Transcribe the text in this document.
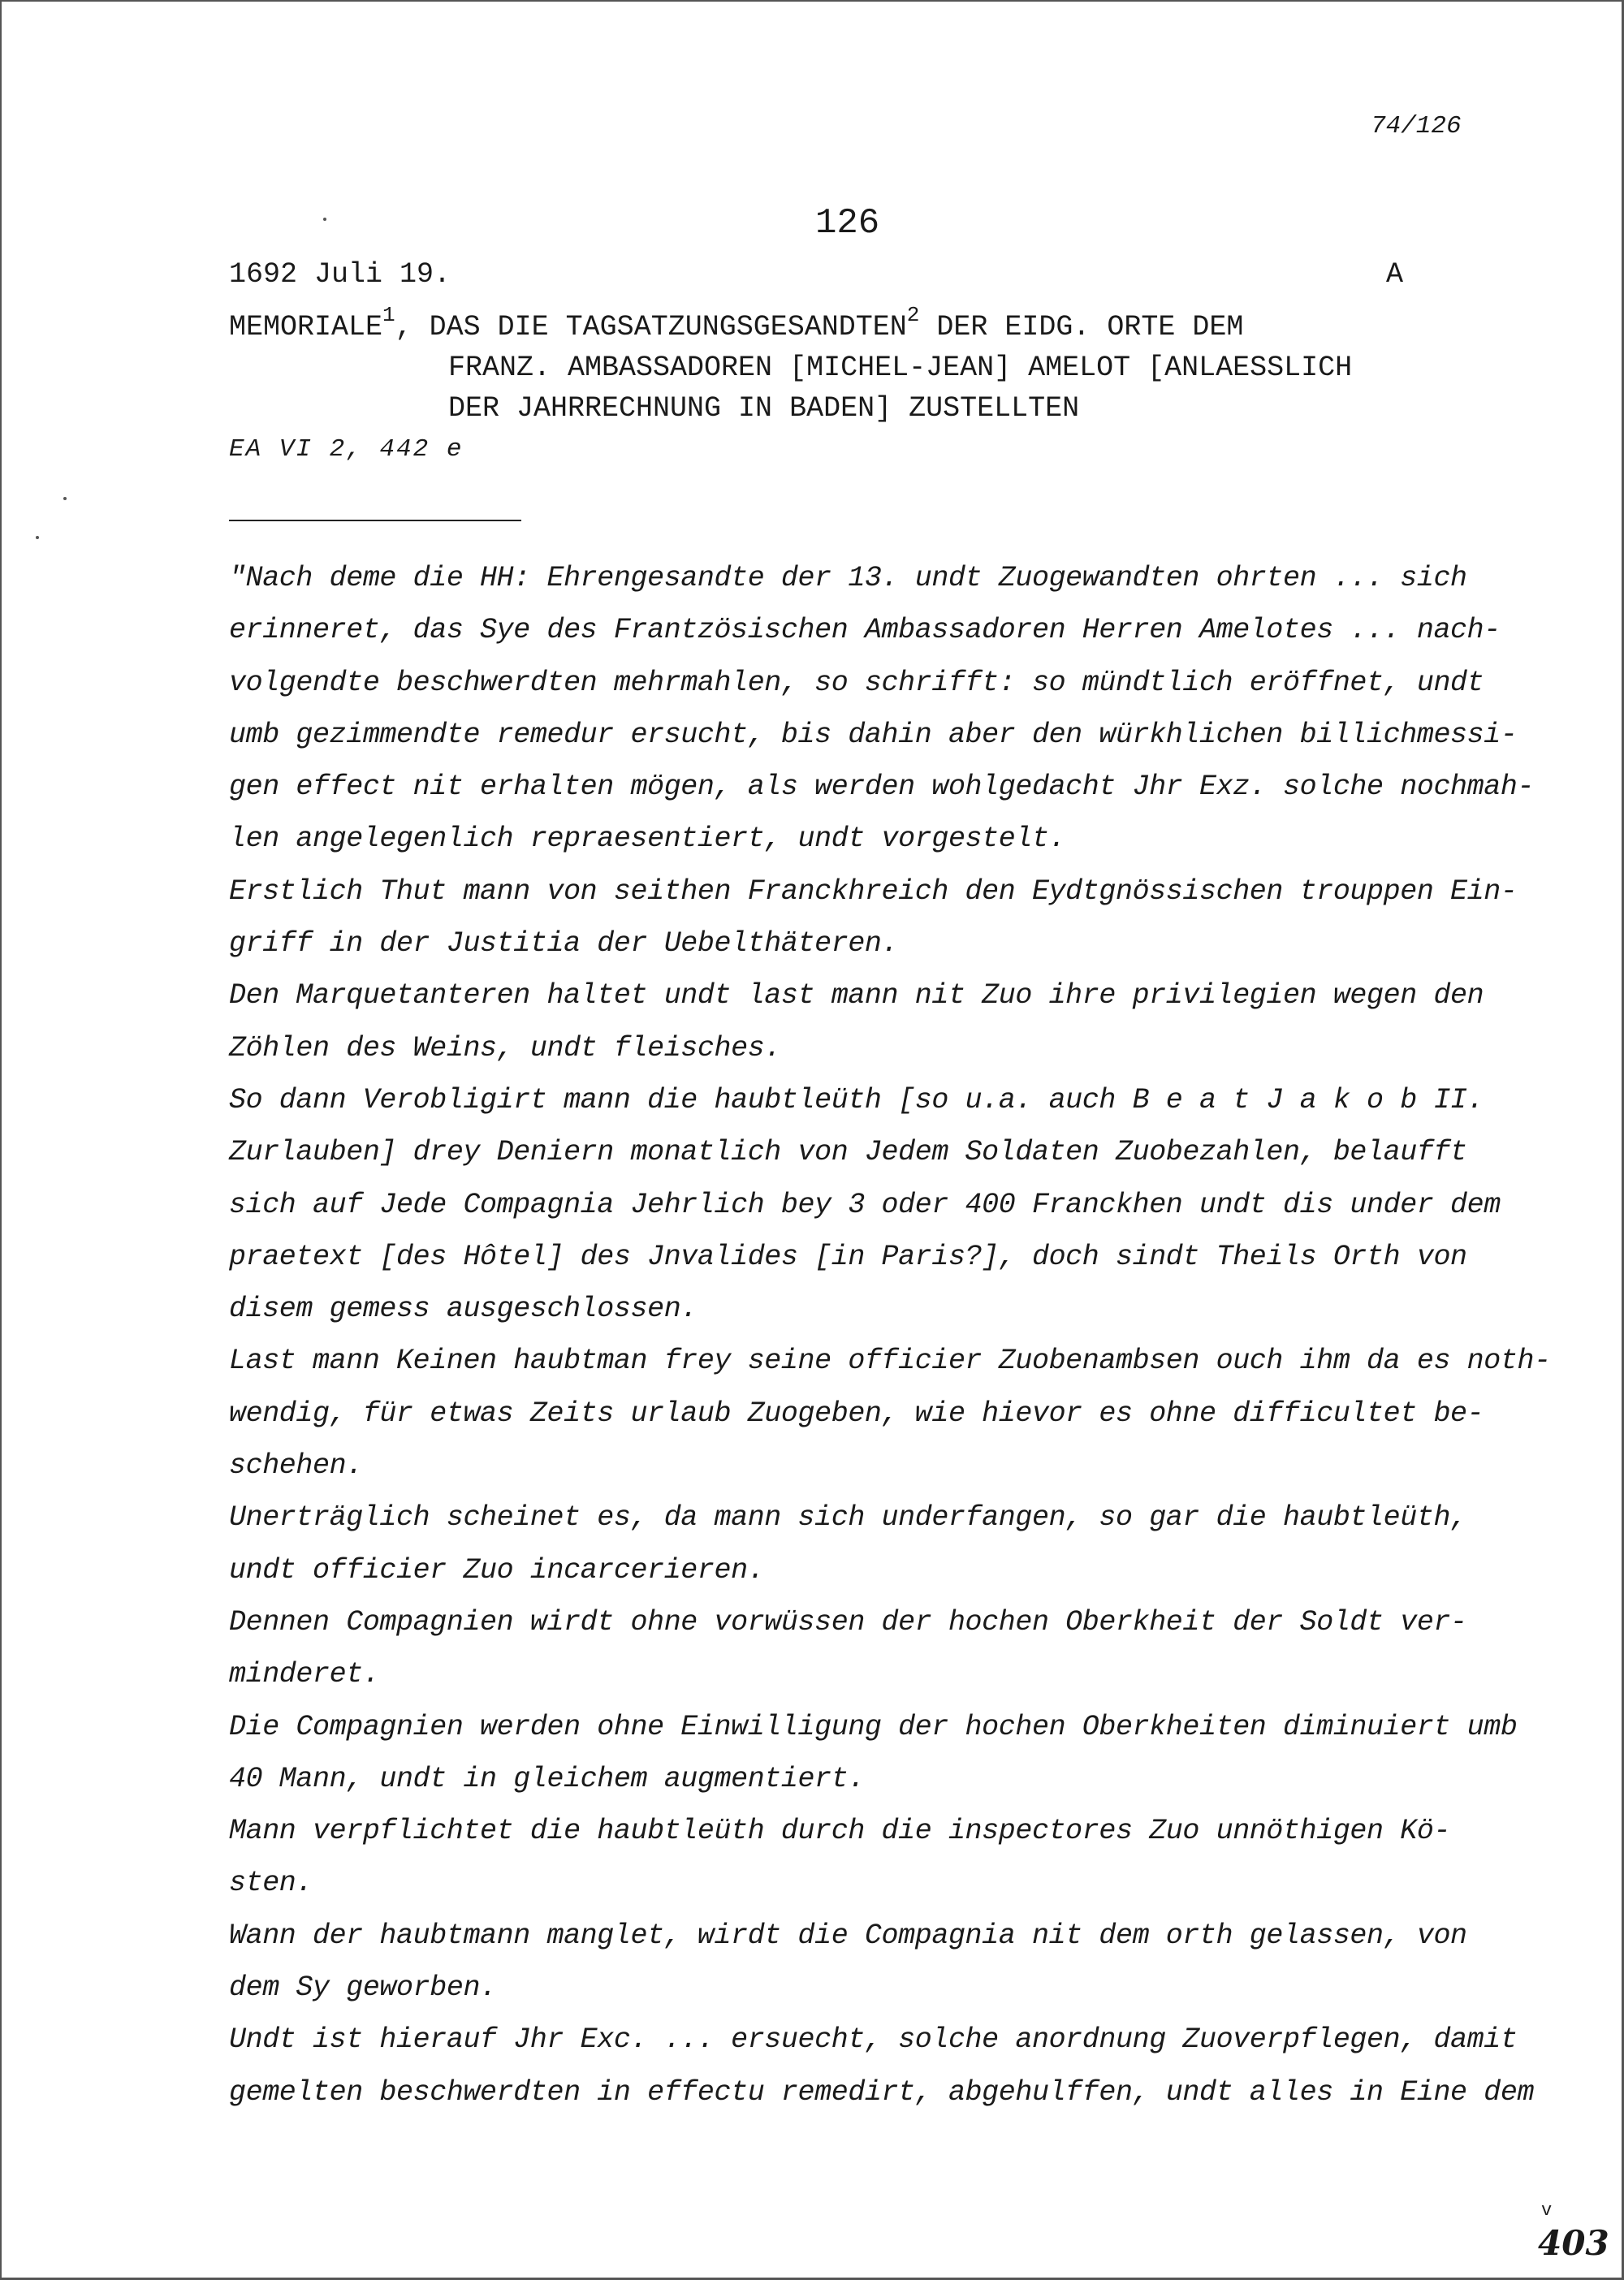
74/126
126
1692 Juli 19.	A
MEMORIALE$^1$, DAS DIE TAGSATZUNGSGESANDTEN$^2$ DER EIDG. ORTE DEM
FRANZ. AMBASSADOREN [MICHEL-JEAN] AMELOT [ANLAESSLICH
DER JAHRRECHNUNG IN BADEN] ZUSTELLTEN
EA VI 2, 442 e
"Nach deme die HH: Ehrengesandte der 13. undt Zuogewandten ohrten ... sich
erinneret, das Sye des Frantzösischen Ambassadoren Herren Amelotes ... nach-
volgendte beschwerdten mehrmahlen, so schrifft: so mündtlich eröffnet, undt
umb gezimmendte remedur ersucht, bis dahin aber den würkhlichen billichmessi-
gen effect nit erhalten mögen, als werden wohlgedacht Jhr Exz. solche nochmah-
len angelegenlich repraesentiert, undt vorgestelt.
Erstlich Thut mann von seithen Franckhreich den Eydtgnössischen trouppen Ein-
griff in der Justitia der Uebelthäteren.
Den Marquetanteren haltet undt last mann nit Zuo ihre privilegien wegen den
Zöhlen des Weins, undt fleisches.
So dann Verobligirt mann die haubtleüth [so u.a. auch B e a t J a k o b II.
Zurlauben] drey Deniern monatlich von Jedem Soldaten Zuobezahlen, belaufft
sich auf Jede Compagnia Jehrlich bey 3 oder 400 Franckhen undt dis under dem
praetext [des Hôtel] des Jnvalides [in Paris?], doch sindt Theils Orth von
disem gemess ausgeschlossen.
Last mann Keinen haubtman frey seine officier Zuobenambsen ouch ihm da es noth-
wendig, für etwas Zeits urlaub Zuogeben, wie hievor es ohne difficultet be-
schehen.
Unerträglich scheinet es, da mann sich underfangen, so gar die haubtleüth,
undt officier Zuo incarcerieren.
Dennen Compagnien wirdt ohne vorwüssen der hochen Oberkheit der Soldt ver-
minderet.
Die Compagnien werden ohne Einwilligung der hochen Oberkheiten diminuiert umb
40 Mann, undt in gleichem augmentiert.
Mann verpflichtet die haubtleüth durch die inspectores Zuo unnöthigen Kö-
sten.
Wann der haubtmann manglet, wirdt die Compagnia nit dem orth gelassen, von
dem Sy geworben.
Undt ist hierauf Jhr Exc. ... ersuecht, solche anordnung Zuoverpflegen, damit
gemelten beschwerdten in effectu remedirt, abgehulffen, undt alles in Eine dem
v
403
